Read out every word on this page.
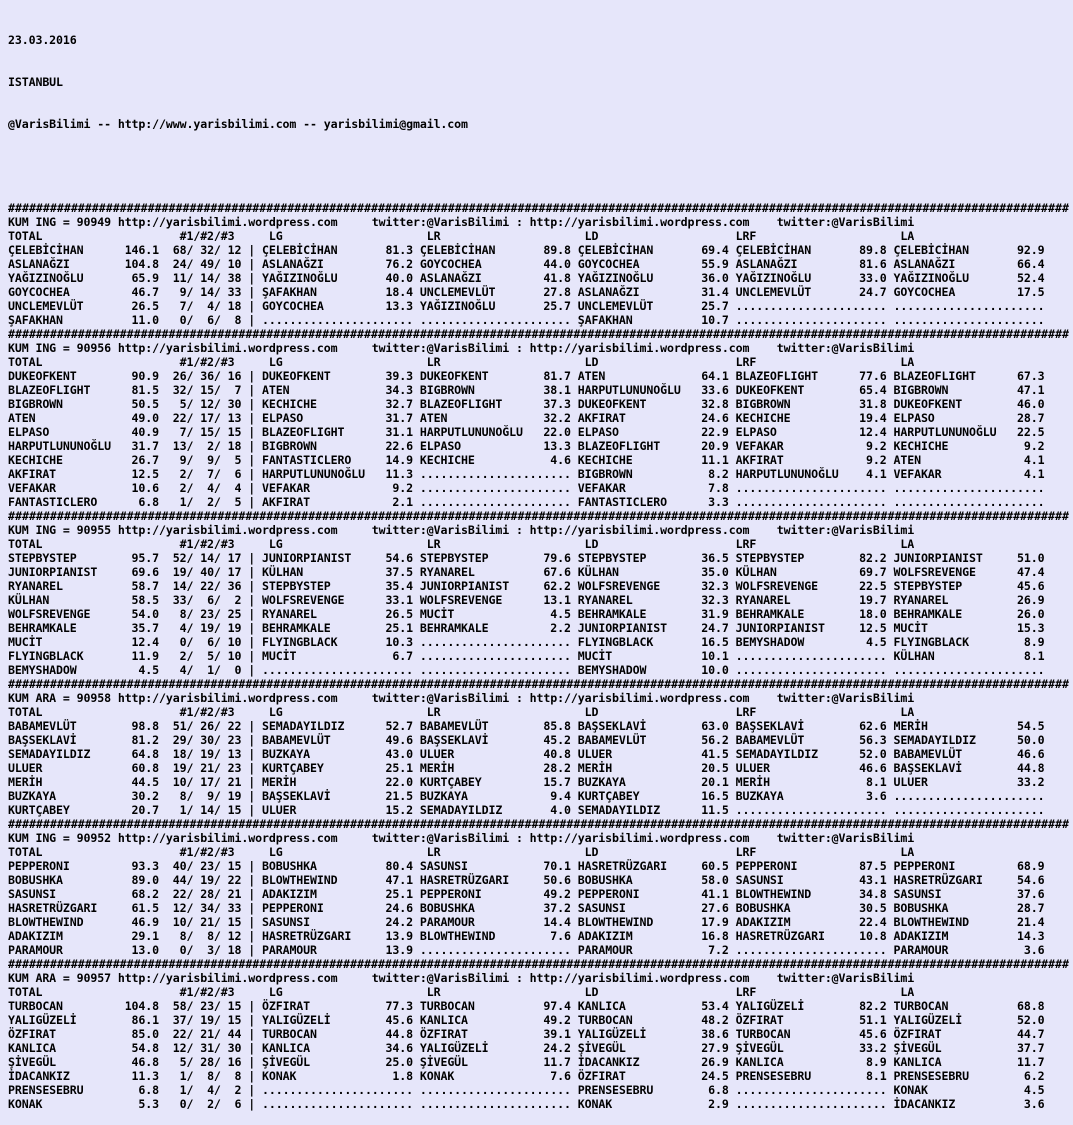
23.03.2016

ISTANBUL

@VarisBilimi -- http://www.yarisbilimi.com -- yarisbilimi@gmail.com

########################################################################################################################################################
KUM ING = 90949 http://yarisbilimi.wordpress.com     twitter:@VarisBilimi : http://yarisbilimi.wordpress.com    twitter:@VarisBilimi
TOTAL                    #1/#2/#3     LG                     LR                     LD                    LRF                     LA
ÇELEBİCİHAN      146.1  68/ 32/ 12 | ÇELEBİCİHAN       81.3 ÇELEBİCİHAN       89.8 ÇELEBİCİHAN       69.4 ÇELEBİCİHAN       89.8 ÇELEBİCİHAN       92.9
ASLANAĞZI        104.8  24/ 49/ 10 | ASLANAĞZI         76.2 GOYCOCHEA         44.0 GOYCOCHEA         55.9 ASLANAĞZI         81.6 ASLANAĞZI         66.4
YAĞIZINOĞLU       65.9  11/ 14/ 38 | YAĞIZINOĞLU       40.0 ASLANAĞZI         41.8 YAĞIZINOĞLU       36.0 YAĞIZINOĞLU       33.0 YAĞIZINOĞLU       52.4
GOYCOCHEA         46.7   9/ 14/ 33 | ŞAFAKHAN          18.4 UNCLEMEVLÜT       27.8 ASLANAĞZI         31.4 UNCLEMEVLÜT       24.7 GOYCOCHEA         17.5
UNCLEMEVLÜT       26.5   7/  4/ 18 | GOYCOCHEA         13.3 YAĞIZINOĞLU       25.7 UNCLEMEVLÜT       25.7 ...................... ......................
ŞAFAKHAN          11.0   0/  6/  8 | ...................... ...................... ŞAFAKHAN          10.7 ...................... ......................
########################################################################################################################################################
KUM ING = 90956 http://yarisbilimi.wordpress.com     twitter:@VarisBilimi : http://yarisbilimi.wordpress.com    twitter:@VarisBilimi
TOTAL                    #1/#2/#3     LG                     LR                     LD                    LRF                     LA
DUKEOFKENT        90.9  26/ 36/ 16 | DUKEOFKENT        39.3 DUKEOFKENT        81.7 ATEN              64.1 BLAZEOFLIGHT      77.6 BLAZEOFLIGHT      67.3
BLAZEOFLIGHT      81.5  32/ 15/  7 | ATEN              34.3 BIGBROWN          38.1 HARPUTLUNUNOĞLU   33.6 DUKEOFKENT        65.4 BIGBROWN          47.1
BIGBROWN          50.5   5/ 12/ 30 | KECHICHE          32.7 BLAZEOFLIGHT      37.3 DUKEOFKENT        32.8 BIGBROWN          31.8 DUKEOFKENT        46.0
ATEN              49.0  22/ 17/ 13 | ELPASO            31.7 ATEN              32.2 AKFIRAT           24.6 KECHICHE          19.4 ELPASO            28.7
ELPASO            40.9   7/ 15/ 15 | BLAZEOFLIGHT      31.1 HARPUTLUNUNOĞLU   22.0 ELPASO            22.9 ELPASO            12.4 HARPUTLUNUNOĞLU   22.5
HARPUTLUNUNOĞLU   31.7  13/  2/ 18 | BIGBROWN          22.6 ELPASO            13.3 BLAZEOFLIGHT      20.9 VEFAKAR            9.2 KECHICHE           9.2
KECHICHE          26.7   9/  9/  5 | FANTASTICLERO     14.9 KECHICHE           4.6 KECHICHE          11.1 AKFIRAT            9.2 ATEN               4.1
AKFIRAT           12.5   2/  7/  6 | HARPUTLUNUNOĞLU   11.3 ...................... BIGBROWN           8.2 HARPUTLUNUNOĞLU    4.1 VEFAKAR            4.1
VEFAKAR           10.6   2/  4/  4 | VEFAKAR            9.2 ...................... VEFAKAR            7.8 ...................... ......................
FANTASTICLERO      6.8   1/  2/  5 | AKFIRAT            2.1 ...................... FANTASTICLERO      3.3 ...................... ......................
########################################################################################################################################################
KUM ING = 90955 http://yarisbilimi.wordpress.com     twitter:@VarisBilimi : http://yarisbilimi.wordpress.com    twitter:@VarisBilimi
TOTAL                    #1/#2/#3     LG                     LR                     LD                    LRF                     LA
STEPBYSTEP        95.7  52/ 14/ 17 | JUNIORPIANIST     54.6 STEPBYSTEP        79.6 STEPBYSTEP        36.5 STEPBYSTEP        82.2 JUNIORPIANIST     51.0
JUNIORPIANIST     69.6  19/ 40/ 17 | KÜLHAN            37.5 RYANAREL          67.6 KÜLHAN            35.0 KÜLHAN            69.7 WOLFSREVENGE      47.4
RYANAREL          58.7  14/ 22/ 36 | STEPBYSTEP        35.4 JUNIORPIANIST     62.2 WOLFSREVENGE      32.3 WOLFSREVENGE      22.5 STEPBYSTEP        45.6
KÜLHAN            58.5  33/  6/  2 | WOLFSREVENGE      33.1 WOLFSREVENGE      13.1 RYANAREL          32.3 RYANAREL          19.7 RYANAREL          26.9
WOLFSREVENGE      54.0   8/ 23/ 25 | RYANAREL          26.5 MUCİT              4.5 BEHRAMKALE        31.9 BEHRAMKALE        18.0 BEHRAMKALE        26.0
BEHRAMKALE        35.7   4/ 19/ 19 | BEHRAMKALE        25.1 BEHRAMKALE         2.2 JUNIORPIANIST     24.7 JUNIORPIANIST     12.5 MUCİT             15.3
MUCİT             12.4   0/  6/ 10 | FLYINGBLACK       10.3 ...................... FLYINGBLACK       16.5 BEMYSHADOW         4.5 FLYINGBLACK        8.9
FLYINGBLACK       11.9   2/  5/ 10 | MUCİT              6.7 ...................... MUCİT             10.1 ...................... KÜLHAN             8.1
BEMYSHADOW         4.5   4/  1/  0 | ...................... ...................... BEMYSHADOW        10.0 ...................... ......................
########################################################################################################################################################
KUM ARA = 90958 http://yarisbilimi.wordpress.com     twitter:@VarisBilimi : http://yarisbilimi.wordpress.com    twitter:@VarisBilimi
TOTAL                    #1/#2/#3     LG                     LR                     LD                    LRF                     LA
BABAMEVLÜT        98.8  51/ 26/ 22 | SEMADAYILDIZ      52.7 BABAMEVLÜT        85.8 BAŞSEKLAVİ        63.0 BAŞSEKLAVİ        62.6 MERİH             54.5
BAŞSEKLAVİ        81.2  29/ 30/ 23 | BABAMEVLÜT        49.6 BAŞSEKLAVİ        45.2 BABAMEVLÜT        56.2 BABAMEVLÜT        56.3 SEMADAYILDIZ      50.0
SEMADAYILDIZ      64.8  18/ 19/ 13 | BUZKAYA           43.0 ULUER             40.8 ULUER             41.5 SEMADAYILDIZ      52.0 BABAMEVLÜT        46.6
ULUER             60.8  19/ 21/ 23 | KURTÇABEY         25.1 MERİH             28.2 MERİH             20.5 ULUER             46.6 BAŞSEKLAVİ        44.8
MERİH             44.5  10/ 17/ 21 | MERİH             22.0 KURTÇABEY         15.7 BUZKAYA           20.1 MERİH              8.1 ULUER             33.2
BUZKAYA           30.2   8/  9/ 19 | BAŞSEKLAVİ        21.5 BUZKAYA            9.4 KURTÇABEY         16.5 BUZKAYA            3.6 ......................
KURTÇABEY         20.7   1/ 14/ 15 | ULUER             15.2 SEMADAYILDIZ       4.0 SEMADAYILDIZ      11.5 ...................... ......................
########################################################################################################################################################
KUM ING = 90952 http://yarisbilimi.wordpress.com     twitter:@VarisBilimi : http://yarisbilimi.wordpress.com    twitter:@VarisBilimi
TOTAL                    #1/#2/#3     LG                     LR                     LD                    LRF                     LA
PEPPERONI         93.3  40/ 23/ 15 | BOBUSHKA          80.4 SASUNSI           70.1 HASRETRÜZGARI     60.5 PEPPERONI         87.5 PEPPERONI         68.9
BOBUSHKA          89.0  44/ 19/ 22 | BLOWTHEWIND       47.1 HASRETRÜZGARI     50.6 BOBUSHKA          58.0 SASUNSI           43.1 HASRETRÜZGARI     54.6
SASUNSI           68.2  22/ 28/ 21 | ADAKIZIM          25.1 PEPPERONI         49.2 PEPPERONI         41.1 BLOWTHEWIND       34.8 SASUNSI           37.6
HASRETRÜZGARI     61.5  12/ 34/ 33 | PEPPERONI         24.6 BOBUSHKA          37.2 SASUNSI           27.6 BOBUSHKA          30.5 BOBUSHKA          28.7
BLOWTHEWIND       46.9  10/ 21/ 15 | SASUNSI           24.2 PARAMOUR          14.4 BLOWTHEWIND       17.9 ADAKIZIM          22.4 BLOWTHEWIND       21.4
ADAKIZIM          29.1   8/  8/ 12 | HASRETRÜZGARI     13.9 BLOWTHEWIND        7.6 ADAKIZIM          16.8 HASRETRÜZGARI     10.8 ADAKIZIM          14.3
PARAMOUR          13.0   0/  3/ 18 | PARAMOUR          13.9 ...................... PARAMOUR           7.2 ...................... PARAMOUR           3.6
########################################################################################################################################################
KUM ARA = 90957 http://yarisbilimi.wordpress.com     twitter:@VarisBilimi : http://yarisbilimi.wordpress.com    twitter:@VarisBilimi
TOTAL                    #1/#2/#3     LG                     LR                     LD                    LRF                     LA
TURBOCAN         104.8  58/ 23/ 15 | ÖZFIRAT           77.3 TURBOCAN          97.4 KANLICA           53.4 YALIGÜZELİ        82.2 TURBOCAN          68.8
YALIGÜZELİ        86.1  37/ 19/ 15 | YALIGÜZELİ        45.6 KANLICA           49.2 TURBOCAN          48.2 ÖZFIRAT           51.1 YALIGÜZELİ        52.0
ÖZFIRAT           85.0  22/ 21/ 44 | TURBOCAN          44.8 ÖZFIRAT           39.1 YALIGÜZELİ        38.6 TURBOCAN          45.6 ÖZFIRAT           44.7
KANLICA           54.8  12/ 31/ 30 | KANLICA           34.6 YALIGÜZELİ        24.2 ŞİVEGÜL           27.9 ŞİVEGÜL           33.2 ŞİVEGÜL           37.7
ŞİVEGÜL           46.8   5/ 28/ 16 | ŞİVEGÜL           25.0 ŞİVEGÜL           11.7 İDACANKIZ         26.9 KANLICA            8.9 KANLICA           11.7
İDACANKIZ         11.3   1/  8/  8 | KONAK              1.8 KONAK              7.6 ÖZFIRAT           24.5 PRENSESEBRU        8.1 PRENSESEBRU        6.2
PRENSESEBRU        6.8   1/  4/  2 | ...................... ...................... PRENSESEBRU        6.8 ...................... KONAK              4.5
KONAK              5.3   0/  2/  6 | ...................... ...................... KONAK              2.9 ...................... İDACANKIZ          3.6
